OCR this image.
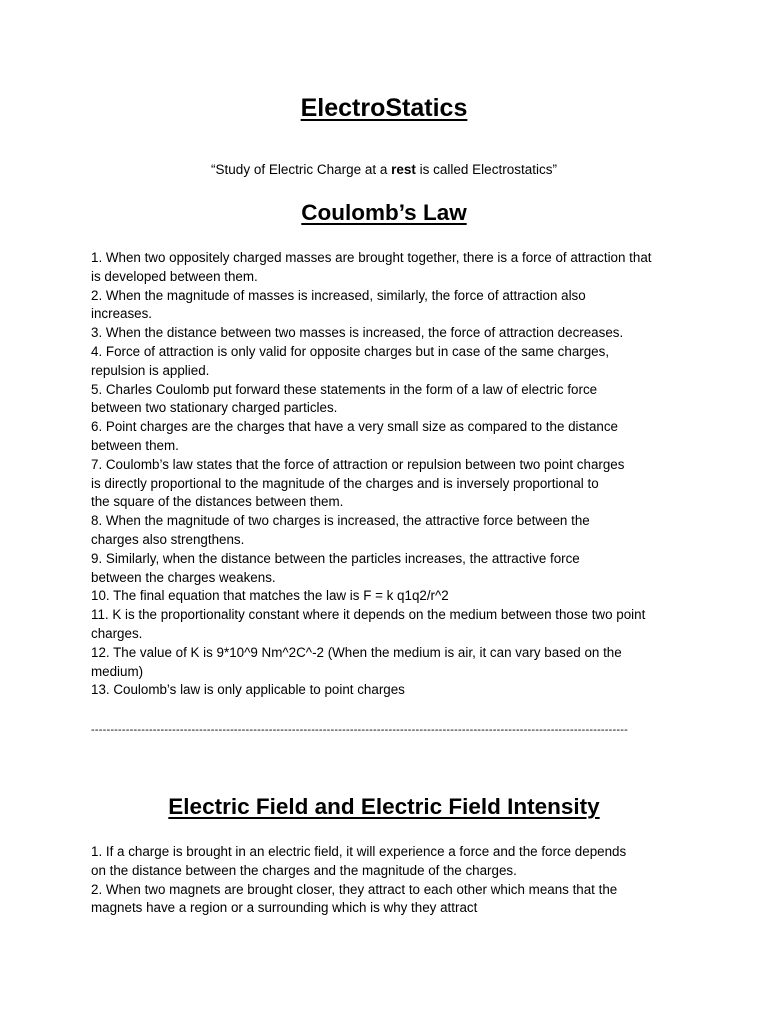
ElectroStatics
“Study of Electric Charge at a rest is called Electrostatics”
Coulomb’s Law

1. When two oppositely charged masses are brought together, there is a force of attraction that
is developed between them.

2. When the magnitude of masses is increased, similarly, the force of attraction also
increases.

3. When the distance between two masses is increased, the force of attraction decreases.

4. Force of attraction is only valid for opposite charges but in case of the same charges,
repulsion is applied.

5. Charles Coulomb put forward these statements in the form of a law of electric force
between two stationary charged particles.

6. Point charges are the charges that have a very small size as compared to the distance
between them.

7. Coulomb’s law states that the force of attraction or repulsion between two point charges
is directly proportional to the magnitude of the charges and is inversely proportional to
the square of the distances between them.

8. When the magnitude of two charges is increased, the attractive force between the
charges also strengthens.

9. Similarly, when the distance between the particles increases, the attractive force
between the charges weakens.

10. The final equation that matches the law is F = k q1q2/r^2

11. K is the proportionality constant where it depends on the medium between those two point
charges.

12. The value of K is 9*10^9 Nm^2C^-2 (When the medium is air, it can vary based on the
medium)

13. Coulomb’s law is only applicable to point charges

-------------------------------------------------------------------------------------------------------------------------------------------
Electric Field and Electric Field Intensity

1. If a charge is brought in an electric field, it will experience a force and the force depends
on the distance between the charges and the magnitude of the charges.

2. When two magnets are brought closer, they attract to each other which means that the
magnets have a region or a surrounding which is why they attract
